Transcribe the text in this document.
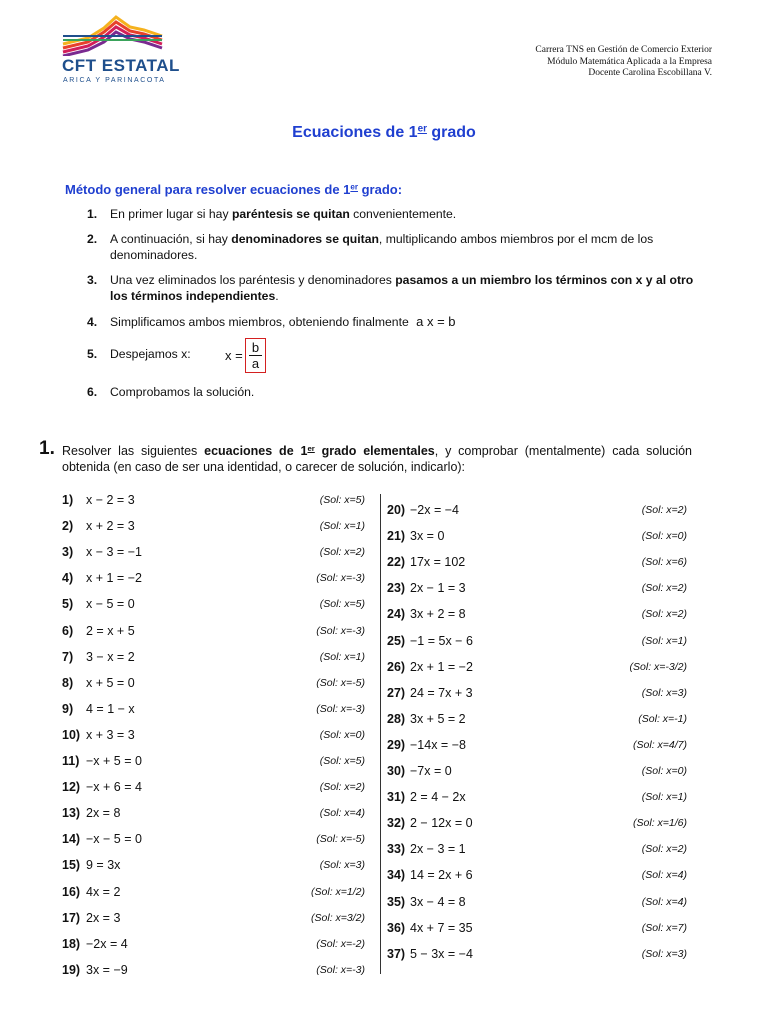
CFT ESTATAL
ARICA Y PARINACOTA
Carrera TNS en Gestión de Comercio Exterior
Módulo Matemática Aplicada a la Empresa
Docente Carolina Escobillana V.
Ecuaciones de 1er grado
Método general para resolver ecuaciones de 1er grado:
1. En primer lugar si hay paréntesis se quitan convenientemente.
2. A continuación, si hay denominadores se quitan, multiplicando ambos miembros por el mcm de los denominadores.
3. Una vez eliminados los paréntesis y denominadores pasamos a un miembro los términos con x y al otro los términos independientes.
4. Simplificamos ambos miembros, obteniendo finalmente a x = b
5. Despejamos x:	x =
b
a
6. Comprobamos la solución.
1. Resolver las siguientes ecuaciones de 1er grado elementales, y comprobar (mentalmente) cada solución obtenida (en caso de ser una identidad, o carecer de solución, indicarlo):
1) x − 2 = 3	(Sol: x=5)
2) x + 2 = 3	(Sol: x=1)
3) x − 3 = −1	(Sol: x=2)
4) x + 1 = −2	(Sol: x=-3)
5) x − 5 = 0	(Sol: x=5)
6) 2 = x + 5	(Sol: x=-3)
7) 3 − x = 2	(Sol: x=1)
8) x + 5 = 0	(Sol: x=-5)
9) 4 = 1 − x	(Sol: x=-3)
10) x + 3 = 3	(Sol: x=0)
11) −x + 5 = 0	(Sol: x=5)
12) −x + 6 = 4	(Sol: x=2)
13) 2x = 8	(Sol: x=4)
14) −x − 5 = 0	(Sol: x=-5)
15) 9 = 3x	(Sol: x=3)
16) 4x = 2	(Sol: x=1/2)
17) 2x = 3	(Sol: x=3/2)
18) −2x = 4	(Sol: x=-2)
19) 3x = −9	(Sol: x=-3)
20) −2x = −4	(Sol: x=2)
21) 3x = 0	(Sol: x=0)
22) 17x = 102	(Sol: x=6)
23) 2x − 1 = 3	(Sol: x=2)
24) 3x + 2 = 8	(Sol: x=2)
25) −1 = 5x − 6	(Sol: x=1)
26) 2x + 1 = −2	(Sol: x=-3/2)
27) 24 = 7x + 3	(Sol: x=3)
28) 3x + 5 = 2	(Sol: x=-1)
29) −14x = −8	(Sol: x=4/7)
30) −7x = 0	(Sol: x=0)
31) 2 = 4 − 2x	(Sol: x=1)
32) 2 − 12x = 0	(Sol: x=1/6)
33) 2x − 3 = 1	(Sol: x=2)
34) 14 = 2x + 6	(Sol: x=4)
35) 3x − 4 = 8	(Sol: x=4)
36) 4x + 7 = 35	(Sol: x=7)
37) 5 − 3x = −4	(Sol: x=3)
